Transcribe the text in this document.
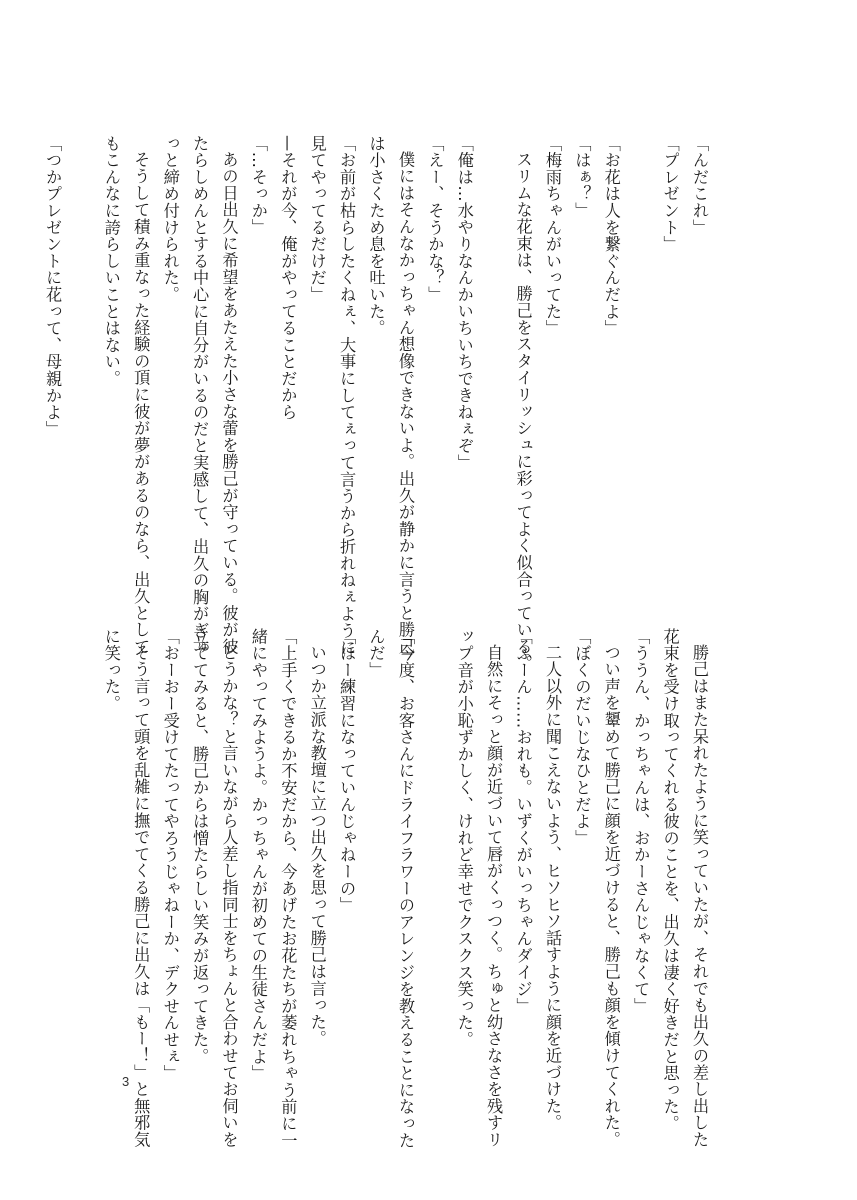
「んだこれ」
「プレゼント」

「お花は人を繋ぐんだよ」
「はぁ？」
「梅雨ちゃんがいってた」
スリムな花束は、勝己をスタイリッシュに彩ってよく似合っている。

「俺は…水やりなんかいちいちできねぇぞ」
「えー、そうかな？」
僕にはそんなかっちゃん想像できないよ。出久が静かに言うと勝己
は小さくため息を吐いた。
「お前が枯らしたくねぇ、大事にしてぇって言うから折れねぇように
見てやってるだけだ」
—それが今、俺がやってることだから
「…そっか」
あの日出久に希望をあたえた小さな蕾を勝己が守っている。彼が彼
たらしめんとする中心に自分がいるのだと実感して、出久の胸がぎゅ
っと締め付けられた。
そうして積み重なった経験の頂に彼が夢があるのなら、出久として
もこんなに誇らしいことはない。

「つかプレゼントに花って、母親かよ」
勝己はまた呆れたように笑っていたが、それでも出久の差し出した
花束を受け取ってくれる彼のことを、出久は凄く好きだと思った。
「ううん、かっちゃんは、おかーさんじゃなくて」
つい声を顰めて勝己に顔を近づけると、勝己も顔を傾けてくれた。
「ぼくのだいじなひとだよ」
二人以外に聞こえないよう、ヒソヒソ話すように顔を近づけた。
「ふーん……おれも。いずくがいっちゃんダイジ」
自然にそっと顔が近づいて唇がくっつく。ちゅと幼さなさを残すリ
ップ音が小恥ずかしく、けれど幸せでクスクス笑った。

「今度、お客さんにドライフラワーのアレンジを教えることになった
んだ」
「ほー練習になっていんじゃねーの」
いつか立派な教壇に立つ出久を思って勝己は言った。
「上手くできるか不安だから、今あげたお花たちが萎れちゃう前に一
緒にやってみようよ。かっちゃんが初めての生徒さんだよ」
どうかな？と言いながら人差し指同士をちょんと合わせてお伺いを
立ててみると、勝己からは憎たらしい笑みが返ってきた。
「おーおー受けてたってやろうじゃねーか、デクせんせぇ」
そう言って頭を乱雑に撫でてくる勝己に出久は「もー！」と無邪気
に笑った。
3
